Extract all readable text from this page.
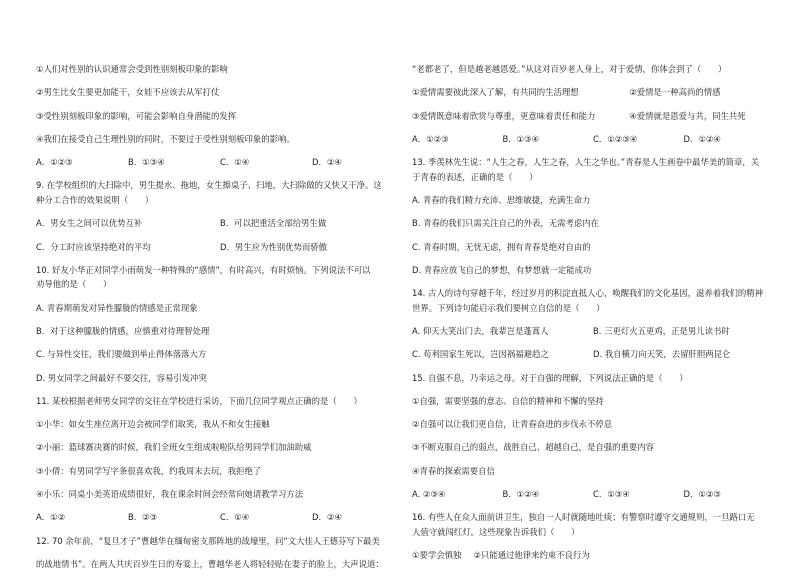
①人们对性别的认识通常会受到性别刻板印象的影响
②男生比女生要更加能干，女娃不应该去从军打仗
③受性别刻板印象的影响，可能会影响自身潜能的发挥
④我们在接受自己生理性别的同时，不要过于受性别刻板印象的影响。
A．①②③	B．①③④	C．①④	D．②④
9. 在学校组织的大扫除中，男生提水、拖地，女生擦桌子、扫地，大扫除做的又快又干净。这
种分工合作的效果说明（　　）
A．男女生之间可以优势互补	B．可以把重活全部给男生做
C．分工时应该坚持绝对的平均	D．男生应为性别优势而骄傲
10. 好友小华正对同学小雨萌发一种特殊的“感情”，有时高兴，有时烦恼。下列说法不可以
劝导他的是（　　）
A. 青春期萌发对异性朦胧的情感是正常现象
B．对于这种朦胧的情感，应慎重对待理智处理
C. 与异性交往，我们要做到举止得体落落大方
D. 男女同学之间最好不要交往，容易引发冲突
11. 某校根据老师男女同学的交往在学校进行采访，下面几位同学观点正确的是（　　）
①小华：如女生座位离开边会被同学们取笑，我从不和女生接触
②小丽：篮球赛决赛的时候，我们全班女生组成啦啦队给男同学们加油助威
③小倩：有男同学写字条很喜欢我，约我周末去玩，我拒绝了
④小乐：同桌小美英语成绩很好，我在课余时间会经常向她请教学习方法
A．①②	B．②③	C．①④	D．②④
12. 70 余年前，“复旦才子”曹越华在缅甸密支那阵地的战壕里，问“文大佳人王德芬写下最美
的战地情书”。在两人共庆百岁生日的寿宴上，曹越华老人将轻轻贴在妻子的脸上，大声说道：
“老都老了，但是越老越恩爱。”从这对百岁老人身上，对于爱情，你体会到了（　　）
①爱情需要彼此深入了解，有共同的生活理想	②爱情是一种高尚的情感
③爱情既意味着欣赏与尊重，更意味着责任和能力	④爱情就是恩爱与共，同生共死
A．①②③	B．①③④	C．①②③④	D．①②④
13. 季羡林先生说：“人生之春，人生之春，人生之华也。”青春是人生画卷中最华美的简章，关
于青春的表述，正确的是（　　）
A. 青春的我们精力充沛、思维敏捷，充满生命力
B. 青春的我们只需关注自己的外表，无需考虑内在
C. 青春时期，无忧无虑，拥有青春是绝对自由的
D. 青春应放飞自己的梦想，有梦想就一定能成功
14. 古人的诗句穿越千年，经过岁月的积淀直抵人心，唤醒我们的文化基因，滋养着我们的精神
世界。下列诗句能启示我们要树立自信的是（　　）
A. 仰天大笑出门去，我辈岂是蓬蒿人	B. 三更灯火五更鸡，正是男儿读书时
C. 苟利国家生死以，岂因祸福避趋之	D. 我自横刀向天笑，去留肝胆两昆仑
15. 自强不息，乃幸运之母。对于自强的理解，下列说法正确的是（　　）
①自强，需要坚强的意志、自信的精神和不懈的坚持
②自强可以让我们更自信，让青春奋进的步伐永不停息
③不断克服自己的弱点，战胜自己、超越自己，是自强的重要内容
④青春的探索需要自信
A. ②③④	B．①②④	C．①③④	D．①②③
16. 有些人在众人面前讲卫生，独自一人时就随地吐痰；有警察时遵守交通规则，一旦路口无
人值守就闯红灯。这些现象告诉我们（　　）
①要学会慎独 ②只能通过他律来约束不良行为
